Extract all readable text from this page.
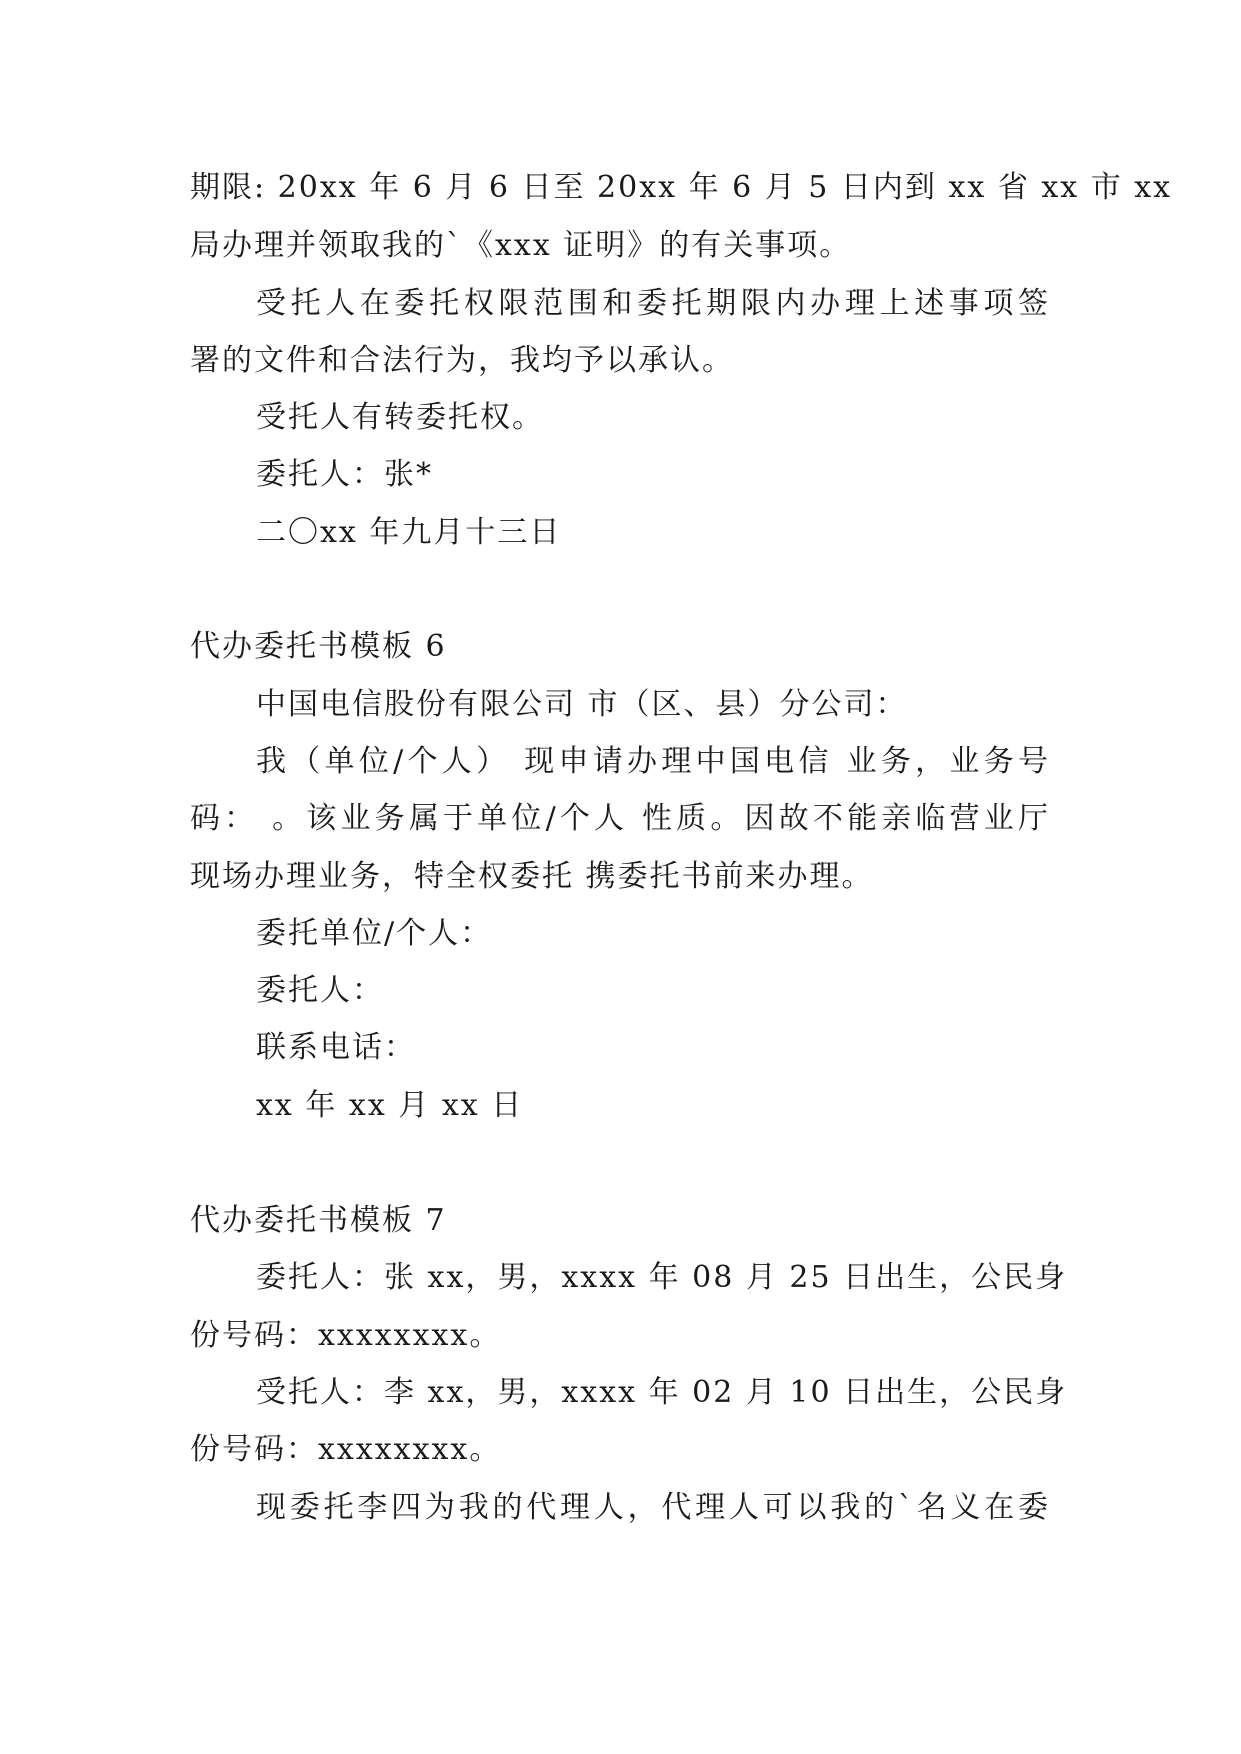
期限: 20xx 年 6 月 6 日至 20xx 年 6 月 5 日内到 xx 省 xx 市 xx
局办理并领取我的`《xxx 证明》的有关事项。
受托人在委托权限范围和委托期限内办理上述事项签
署的文件和合法行为，我均予以承认。
受托人有转委托权。
委托人：张*
二〇xx 年九月十三日
代办委托书模板 6
中国电信股份有限公司 市（区、县）分公司：
我（单位/个人） 现申请办理中国电信 业务，业务号
码： 。该业务属于单位/个人 性质。因故不能亲临营业厅
现场办理业务，特全权委托 携委托书前来办理。
委托单位/个人：
委托人：
联系电话：
xx 年 xx 月 xx 日
代办委托书模板 7
委托人：张 xx，男，xxxx 年 08 月 25 日出生，公民身
份号码：xxxxxxxx。
受托人：李 xx，男，xxxx 年 02 月 10 日出生，公民身
份号码：xxxxxxxx。
现委托李四为我的代理人，代理人可以我的`名义在委
